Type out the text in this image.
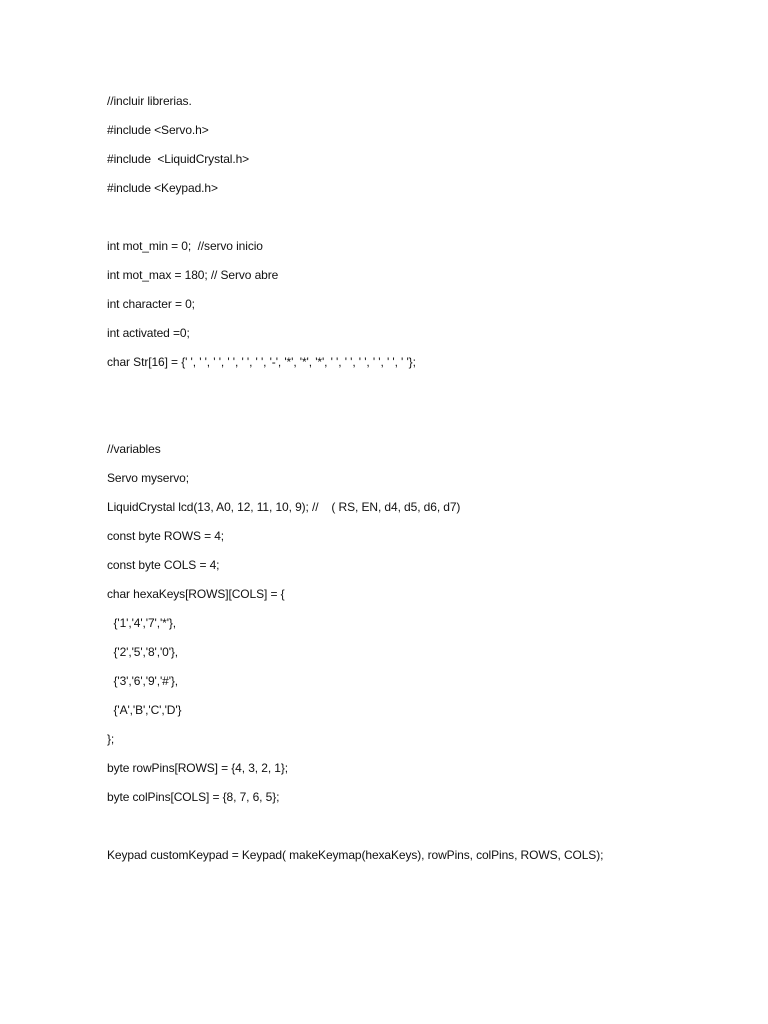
//incluir librerias.
#include <Servo.h>
#include  <LiquidCrystal.h>
#include <Keypad.h>
int mot_min = 0;  //servo inicio
int mot_max = 180; // Servo abre
int character = 0;
int activated =0;
char Str[16] = {' ', ' ', ' ', ' ', ' ', ' ', '-', '*', '*', '*', ' ', ' ', ' ', ' ', ' ', ' '};
//variables
Servo myservo;
LiquidCrystal lcd(13, A0, 12, 11, 10, 9); //    ( RS, EN, d4, d5, d6, d7)
const byte ROWS = 4;
const byte COLS = 4;
char hexaKeys[ROWS][COLS] = {
{'1','4','7','*'},
{'2','5','8','0'},
{'3','6','9','#'},
{'A','B','C','D'}
};
byte rowPins[ROWS] = {4, 3, 2, 1};
byte colPins[COLS] = {8, 7, 6, 5};
Keypad customKeypad = Keypad( makeKeymap(hexaKeys), rowPins, colPins, ROWS, COLS);
